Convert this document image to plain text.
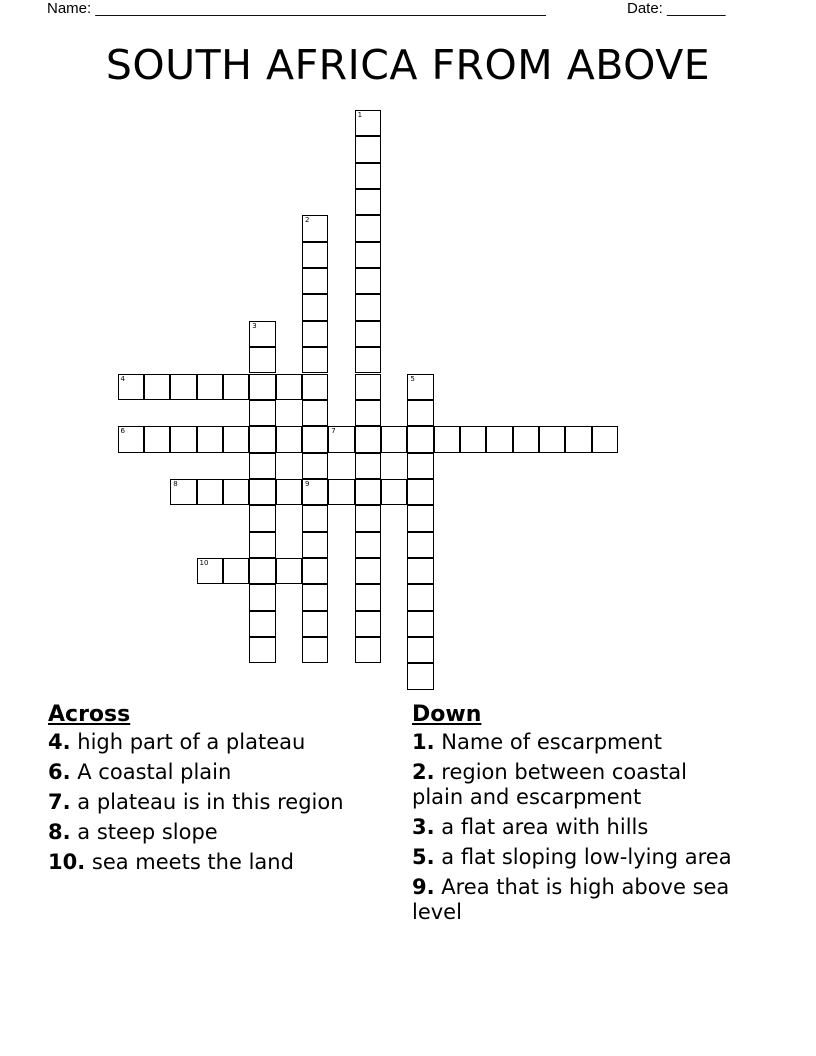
Name: ______________________________________________________	Date: _______
SOUTH AFRICA FROM ABOVE
1
2
9
3
5
4
6	7
8
10
Across
4. high part of a plateau
6. A coastal plain
7. a plateau is in this region
8. a steep slope
10. sea meets the land
Down
1. Name of escarpment
2. region between coastal plain and escarpment
3. a flat area with hills
5. a flat sloping low-lying area
9. Area that is high above sea level
